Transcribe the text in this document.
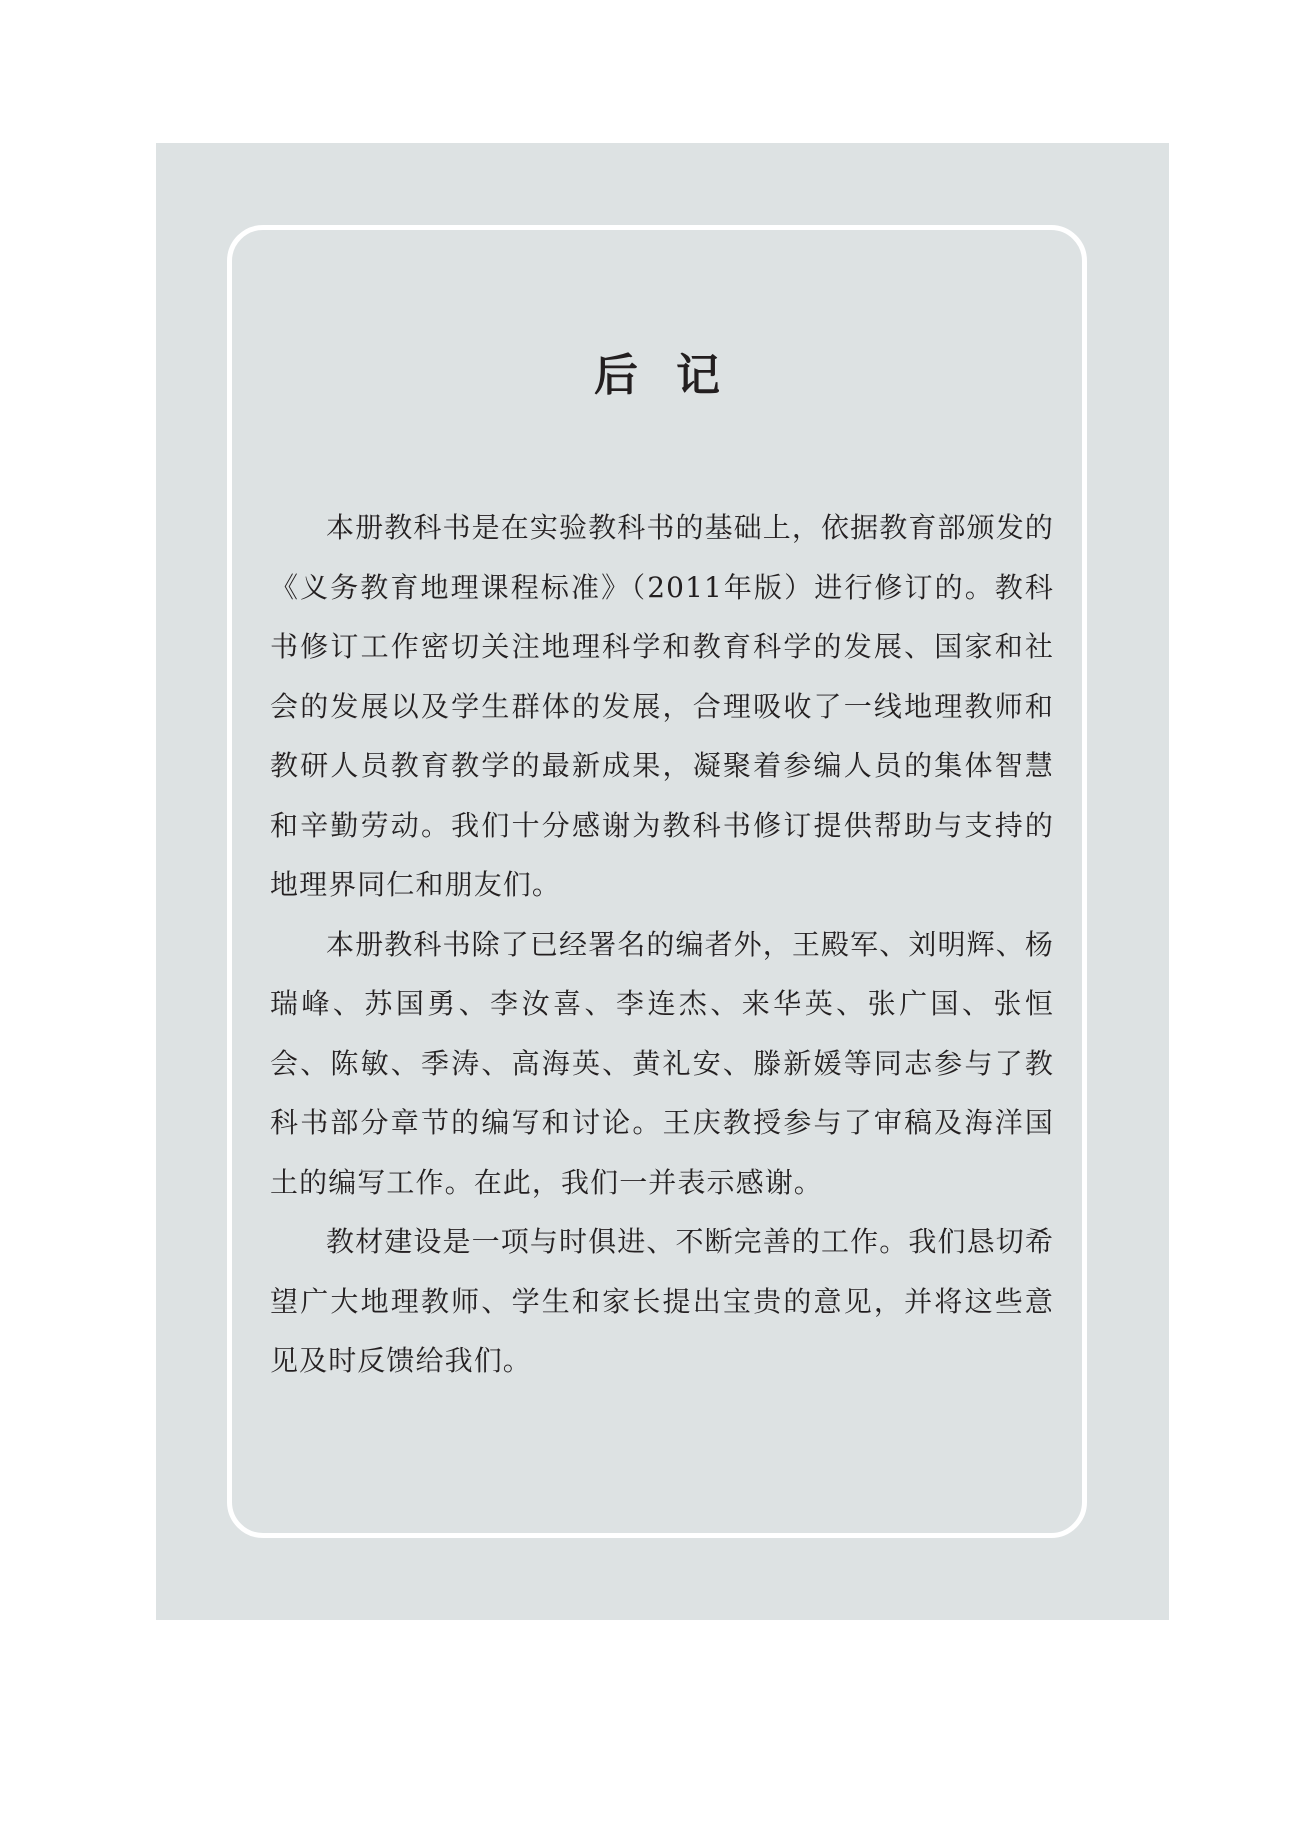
后记

本册教科书是在实验教科书的基础上，依据教育部颁发的《义务教育地理课程标准》（2011年版）进行修订的。教科书修订工作密切关注地理科学和教育科学的发展、国家和社会的发展以及学生群体的发展，合理吸收了一线地理教师和教研人员教育教学的最新成果，凝聚着参编人员的集体智慧和辛勤劳动。我们十分感谢为教科书修订提供帮助与支持的地理界同仁和朋友们。

本册教科书除了已经署名的编者外，王殿军、刘明辉、杨瑞峰、苏国勇、李汝喜、李连杰、来华英、张广国、张恒会、陈敏、季涛、高海英、黄礼安、滕新媛等同志参与了教科书部分章节的编写和讨论。王庆教授参与了审稿及海洋国土的编写工作。在此，我们一并表示感谢。

教材建设是一项与时俱进、不断完善的工作。我们恳切希望广大地理教师、学生和家长提出宝贵的意见，并将这些意见及时反馈给我们。
